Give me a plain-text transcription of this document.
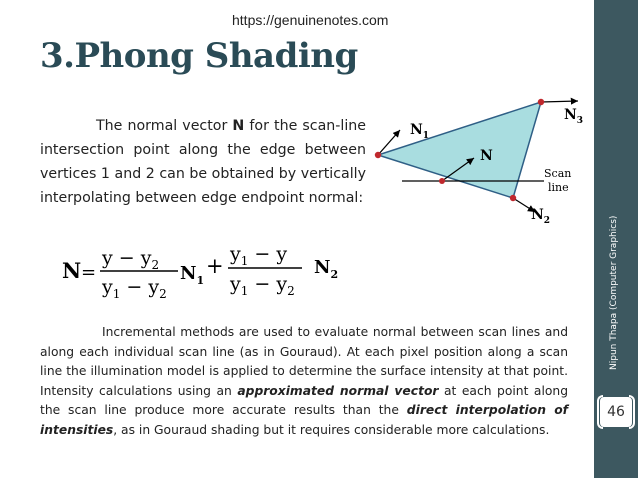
https://genuinenotes.com
3.Phong Shading
The normal vector N for the scan-line intersection point along the edge between vertices 1 and 2 can be obtained by vertically interpolating between edge endpoint normal:
N =
$y - y_2$
$y_1 - y_2$
$N_1$
+ $y_1 - y$
$y_1 - y_2$
$N_2$
$N_1$
$N_3$
$N_2$
N
Scan
line
Incremental methods are used to evaluate normal between scan lines and along each individual scan line (as in Gouraud). At each pixel position along a scan line the illumination model is applied to determine the surface intensity at that point. Intensity calculations using an approximated normal vector at each point along the scan line produce more accurate results than the direct interpolation of intensities, as in Gouraud shading but it requires considerable more calculations.
Nipun Thapa (Computer Graphics)
46
